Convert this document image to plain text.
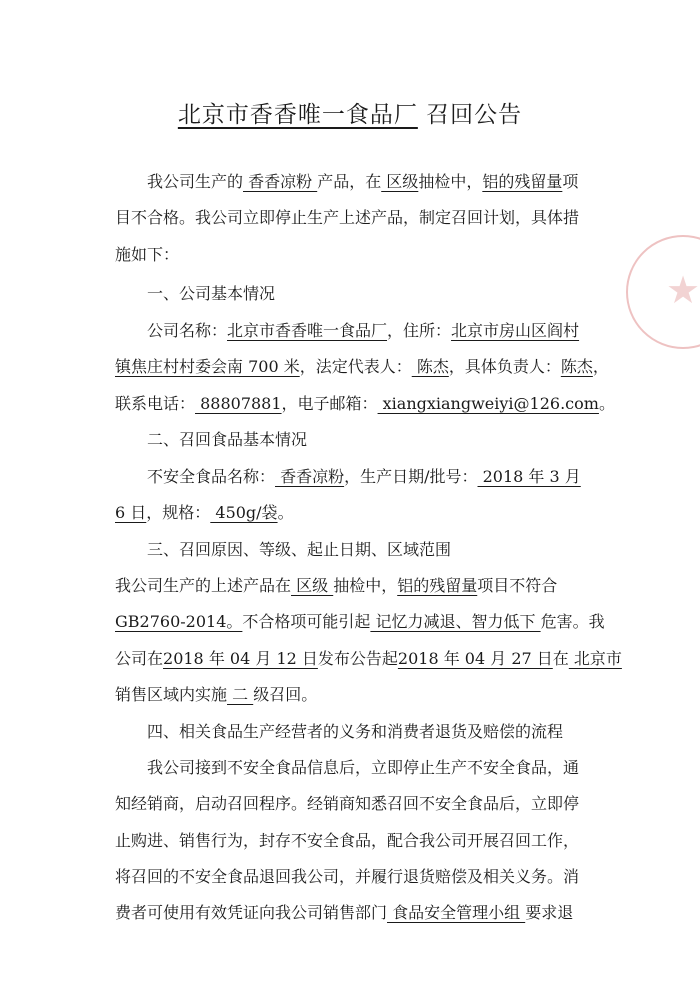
★
北京市香香唯一食品厂 召回公告
我公司生产的 香香凉粉 产品，在 区级抽检中，铝的残留量项
目不合格。我公司立即停止生产上述产品，制定召回计划，具体措
施如下：
一、公司基本情况
公司名称：北京市香香唯一食品厂，住所：北京市房山区阎村
镇焦庄村村委会南 700 米，法定代表人： 陈杰，具体负责人：陈杰，
联系电话： 88807881，电子邮箱： xiangxiangweiyi@126.com。
二、召回食品基本情况
不安全食品名称： 香香凉粉，生产日期/批号： 2018 年 3 月
6 日，规格： 450g/袋。
三、召回原因、等级、起止日期、区域范围
我公司生产的上述产品在 区级 抽检中，铝的残留量项目不符合
GB2760-2014。不合格项可能引起 记忆力减退、智力低下 危害。我
公司在2018 年 04 月 12 日发布公告起2018 年 04 月 27 日在 北京市
销售区域内实施 二 级召回。
四、相关食品生产经营者的义务和消费者退货及赔偿的流程
我公司接到不安全食品信息后，立即停止生产不安全食品，通
知经销商，启动召回程序。经销商知悉召回不安全食品后，立即停
止购进、销售行为，封存不安全食品，配合我公司开展召回工作，
将召回的不安全食品退回我公司，并履行退货赔偿及相关义务。消
费者可使用有效凭证向我公司销售部门 食品安全管理小组 要求退
